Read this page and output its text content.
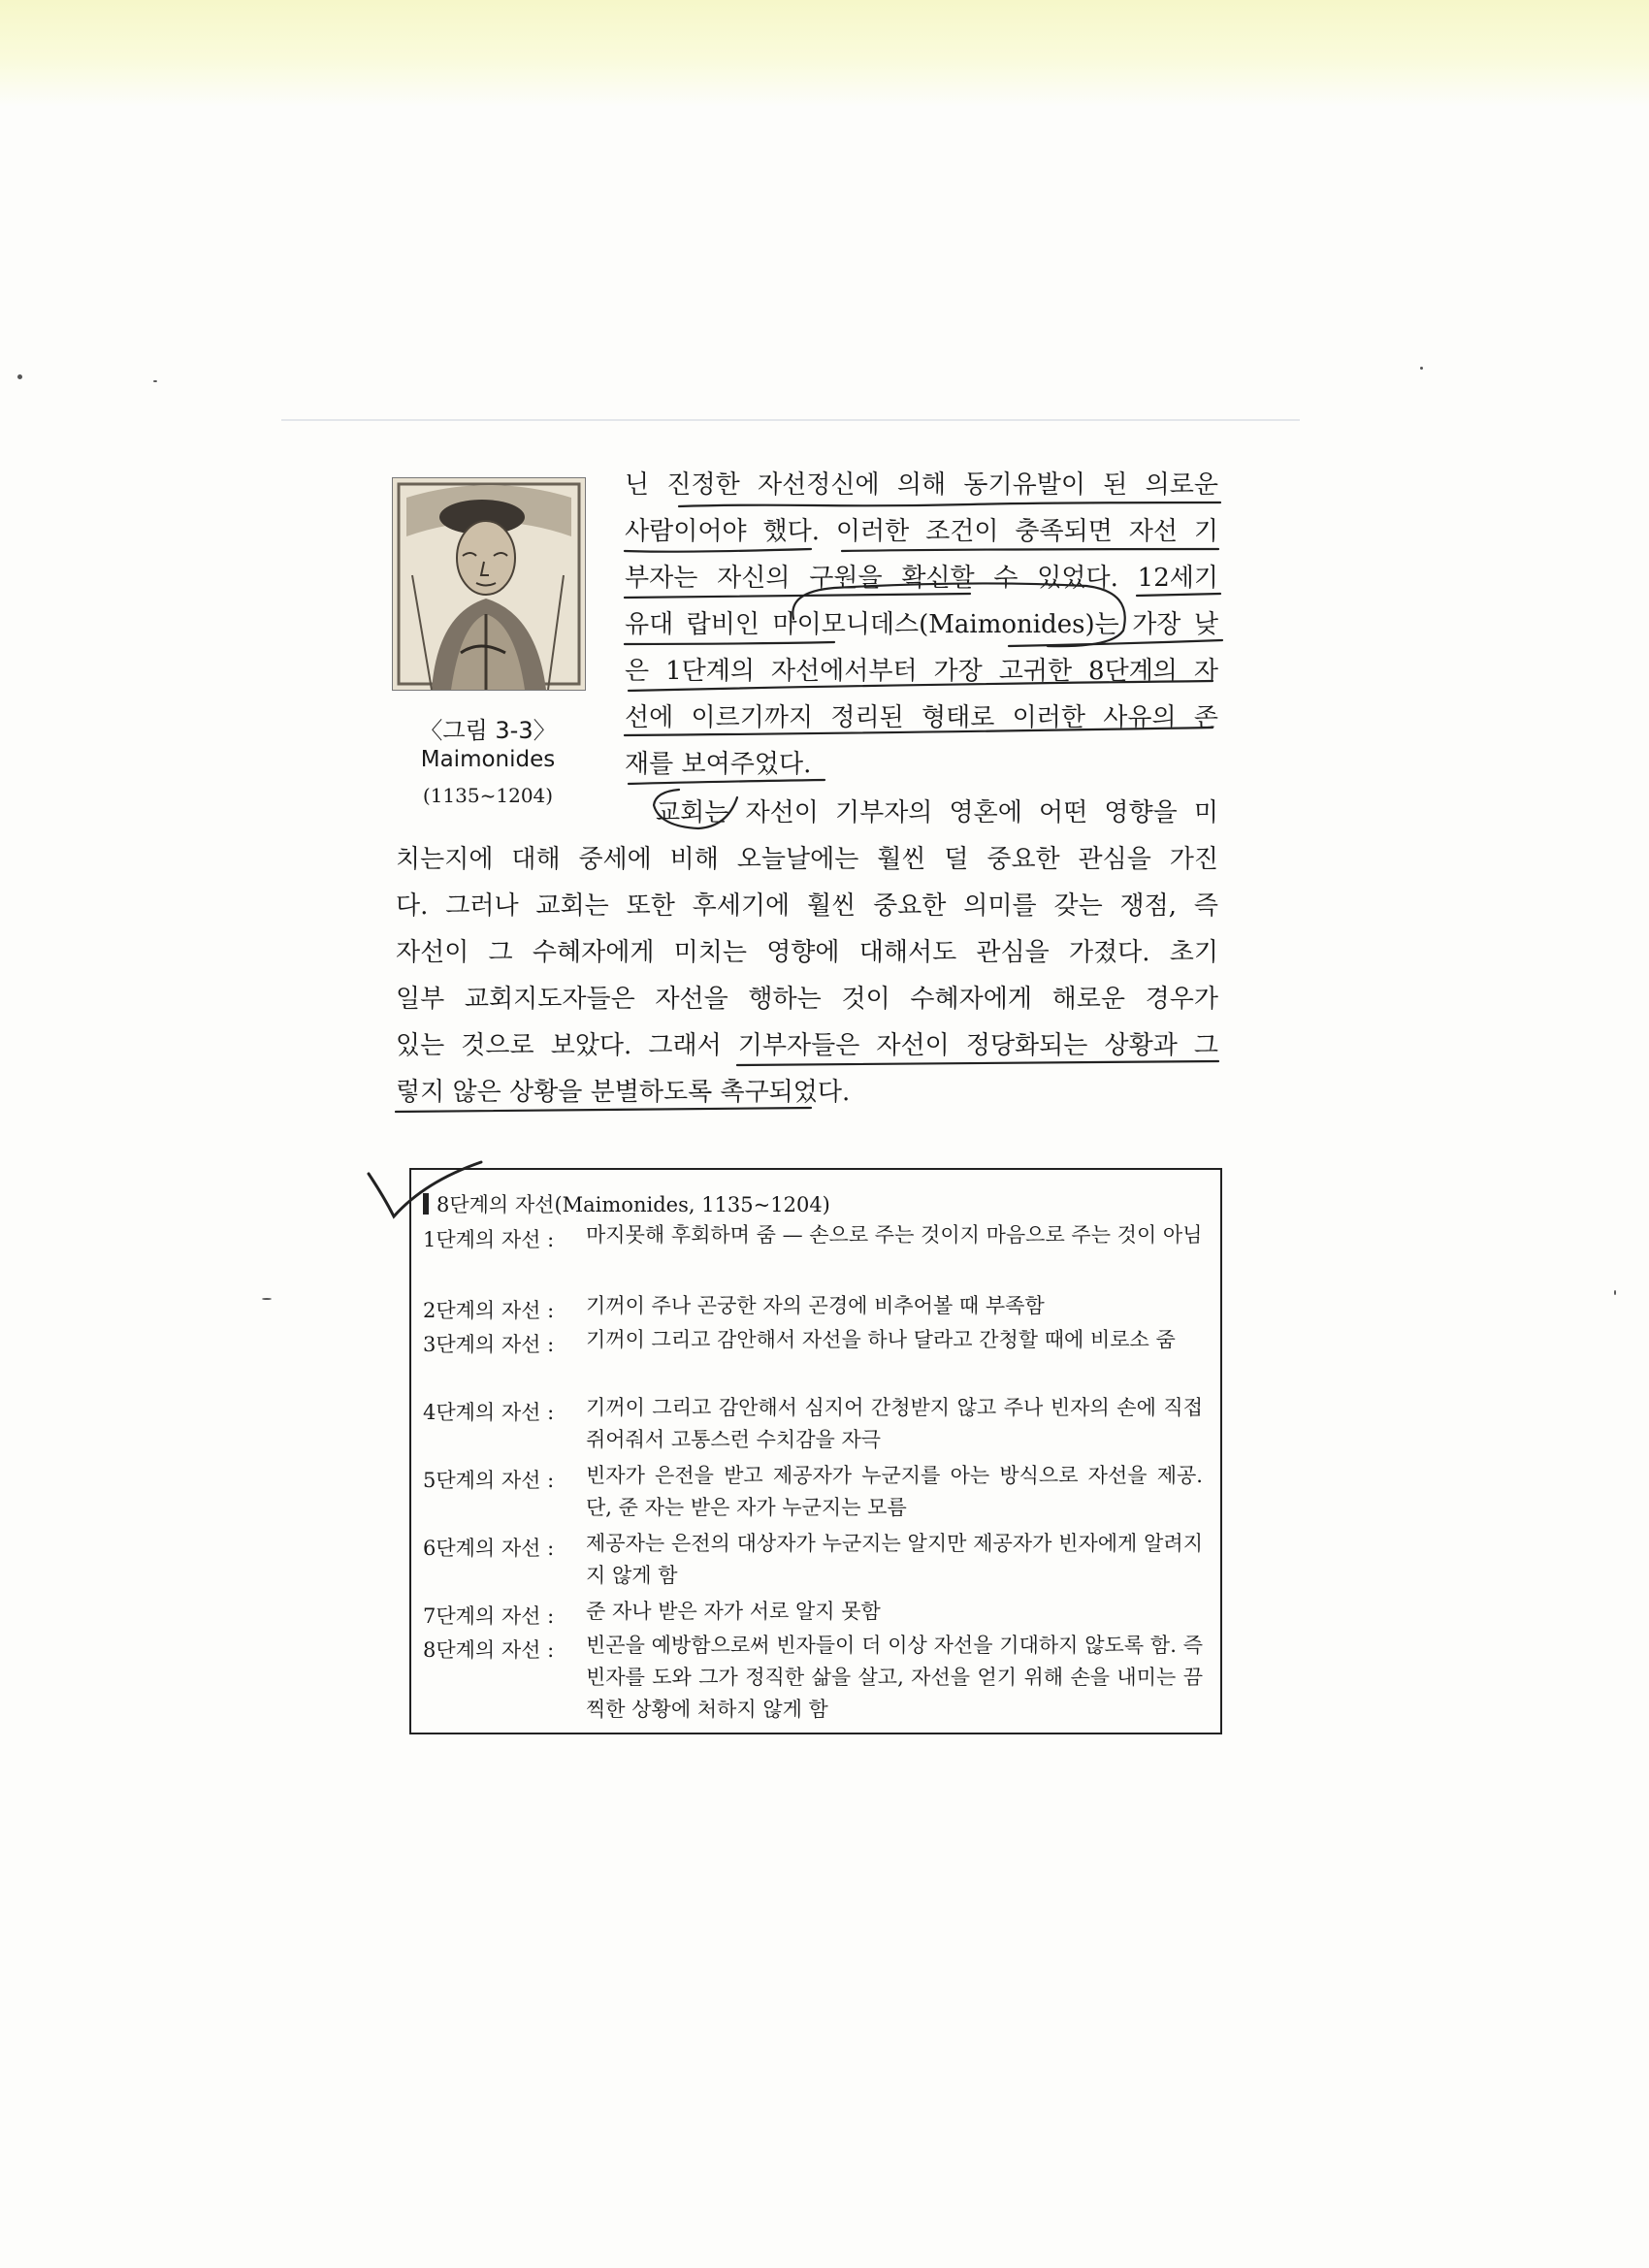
〈그림 3-3〉
Maimonides
(1135~1204)
닌 진정한 자선정신에 의해 동기유발이 된 의로운
사람이어야 했다. 이러한 조건이 충족되면 자선 기
부자는 자신의 구원을 확신할 수 있었다. 12세기
유대 랍비인 마이모니데스(Maimonides)는 가장 낮
은 1단계의 자선에서부터 가장 고귀한 8단계의 자
선에 이르기까지 정리된 형태로 이러한 사유의 존
재를 보여주었다.
교회는 자선이 기부자의 영혼에 어떤 영향을 미
치는지에 대해 중세에 비해 오늘날에는 훨씬 덜 중요한 관심을 가진
다. 그러나 교회는 또한 후세기에 훨씬 중요한 의미를 갖는 쟁점, 즉
자선이 그 수혜자에게 미치는 영향에 대해서도 관심을 가졌다. 초기
일부 교회지도자들은 자선을 행하는 것이 수혜자에게 해로운 경우가
있는 것으로 보았다. 그래서 기부자들은 자선이 정당화되는 상황과 그
렇지 않은 상황을 분별하도록 촉구되었다.
8단계의 자선(Maimonides, 1135~1204)
1단계의 자선 :	마지못해 후회하며 줌 — 손으로 주는 것이지 마음으로 주는 것이 아님
2단계의 자선 :	기꺼이 주나 곤궁한 자의 곤경에 비추어볼 때 부족함
3단계의 자선 :	기꺼이 그리고 감안해서 자선을 하나 달라고 간청할 때에 비로소 줌
4단계의 자선 :	기꺼이 그리고 감안해서 심지어 간청받지 않고 주나 빈자의 손에 직접 쥐어줘서 고통스런 수치감을 자극
5단계의 자선 :	빈자가 은전을 받고 제공자가 누군지를 아는 방식으로 자선을 제공. 단, 준 자는 받은 자가 누군지는 모름
6단계의 자선 :	제공자는 은전의 대상자가 누군지는 알지만 제공자가 빈자에게 알려지지 않게 함
7단계의 자선 :	준 자나 받은 자가 서로 알지 못함
8단계의 자선 :	빈곤을 예방함으로써 빈자들이 더 이상 자선을 기대하지 않도록 함. 즉 빈자를 도와 그가 정직한 삶을 살고, 자선을 얻기 위해 손을 내미는 끔찍한 상황에 처하지 않게 함
